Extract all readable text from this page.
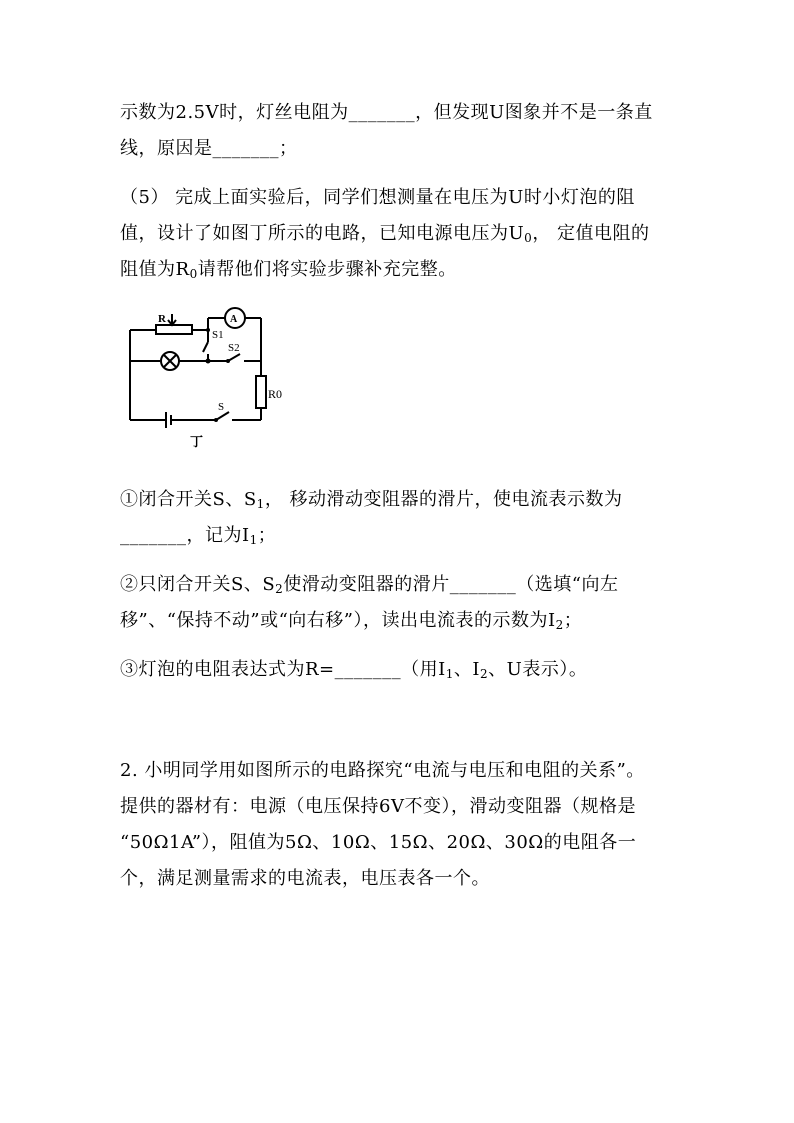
示数为2.5V时，灯丝电阻为_______，但发现U图象并不是一条直
线，原因是_______；
（5） 完成上面实验后，同学们想测量在电压为U时小灯泡的阻
值，设计了如图丁所示的电路，已知电源电压为$U_0$， 定值电阻的
阻值为$R_0$请帮他们将实验步骤补充完整。
R	A
S1
S2
R0
S
丁
①闭合开关S、$S_1$， 移动滑动变阻器的滑片，使电流表示数为
_______，记为$I_1$；
②只闭合开关S、$S_2$使滑动变阻器的滑片_______（选填“向左
移”、“保持不动”或“向右移”），读出电流表的示数为$I_2$；
③灯泡的电阻表达式为R=_______（用$I_1$、$I_2$、U表示）。
2. 小明同学用如图所示的电路探究“电流与电压和电阻的关系”。
提供的器材有：电源（电压保持6V不变），滑动变阻器（规格是
“50Ω1A”），阻值为5Ω、10Ω、15Ω、20Ω、30Ω的电阻各一
个，满足测量需求的电流表，电压表各一个。
